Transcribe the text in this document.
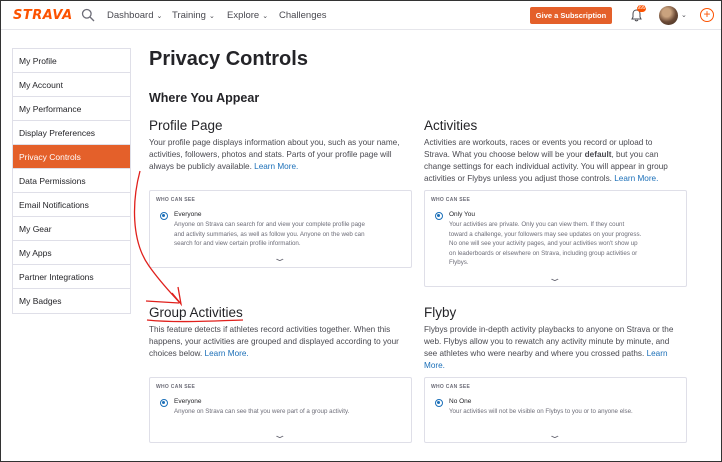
STRAVA	Dashboard ⌄ Training ⌄ Explore ⌄ Challenges	Give a Subscription
999
⌄ +
My Profile
My Account
My Performance
Display Preferences
Privacy Controls
Data Permissions
Email Notifications
My Gear
My Apps
Partner Integrations
My Badges
Privacy Controls
Where You Appear
Profile Page
Your profile page displays information about you, such as your name,
activities, followers, photos and stats. Parts of your profile page will
always be publicly available. Learn More.
WHO CAN SEE
Everyone
Anyone on Strava can search for and view your complete profile page
and activity summaries, as well as follow you. Anyone on the web can
search for and view certain profile information.
⌄
Activities
Activities are workouts, races or events you record or upload to
Strava. What you choose below will be your default, but you can
change settings for each individual activity. You will appear in group
activities or Flybys unless you adjust those controls. Learn More.
WHO CAN SEE
Only You
Your activities are private. Only you can view them. If they count
toward a challenge, your followers may see updates on your progress.
No one will see your activity pages, and your activities won't show up
on leaderboards or elsewhere on Strava, including group activities or
Flybys.
⌄
Group Activities
This feature detects if athletes record activities together. When this
happens, your activities are grouped and displayed according to your
choices below. Learn More.
WHO CAN SEE
Everyone
Anyone on Strava can see that you were part of a group activity.
⌄
Flyby
Flybys provide in-depth activity playbacks to anyone on Strava or the
web. Flybys allow you to rewatch any activity minute by minute, and
see athletes who were nearby and where you crossed paths. Learn
More.
WHO CAN SEE
No One
Your activities will not be visible on Flybys to you or to anyone else.
⌄
